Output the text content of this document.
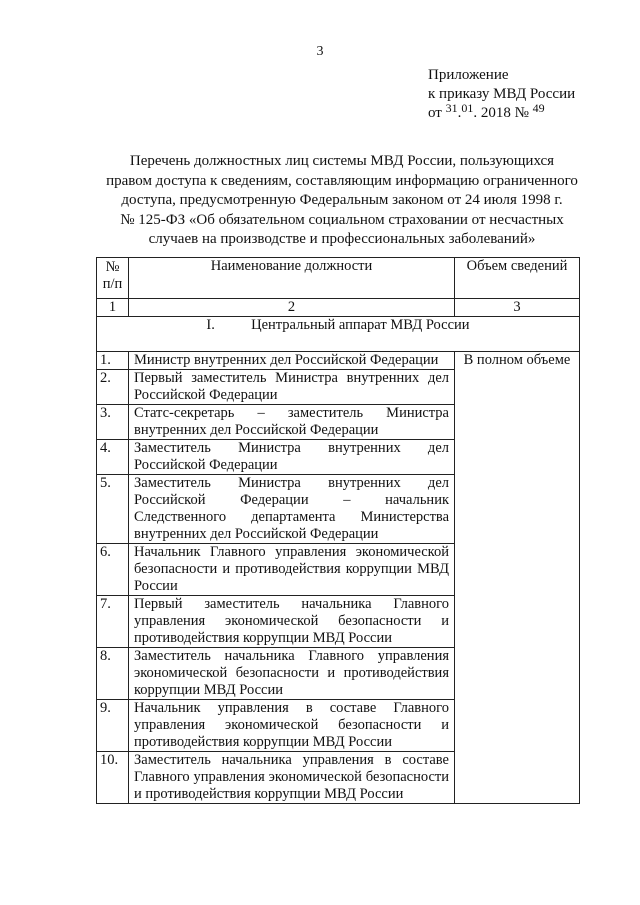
3
Приложение
к приказу МВД России
от $^{31}$.$^{01}$. 2018 № $^{49}$
Перечень должностных лиц системы МВД России, пользующихся
правом доступа к сведениям, составляющим информацию ограниченного
доступа, предусмотренную Федеральным законом от 24 июля 1998 г.
№ 125-ФЗ «Об обязательном социальном страховании от несчастных
случаев на производстве и профессиональных заболеваний»
№ п/п	Наименование должности	Объем сведений
1	2	3
I.          Центральный аппарат МВД России		
1.	Министр внутренних дел Российской Федерации	В полном объеме
2.	Первый заместитель Министра внутренних дел Российской Федерации	
3.	Статс-секретарь – заместитель Министра внутренних дел Российской Федерации	
4.	Заместитель Министра внутренних дел Российской Федерации	
5.	Заместитель Министра внутренних дел Российской Федерации – начальник Следственного департамента Министерства внутренних дел Российской Федерации	
6.	Начальник Главного управления экономической безопасности и противодействия коррупции МВД России	
7.	Первый заместитель начальника Главного управления экономической безопасности и противодействия коррупции МВД России	
8.	Заместитель начальника Главного управления экономической безопасности и противодействия коррупции МВД России	
9.	Начальник управления в составе Главного управления экономической безопасности и противодействия коррупции МВД России	
10.	Заместитель начальника управления в составе Главного управления экономической безопасности и противодействия коррупции МВД России	
